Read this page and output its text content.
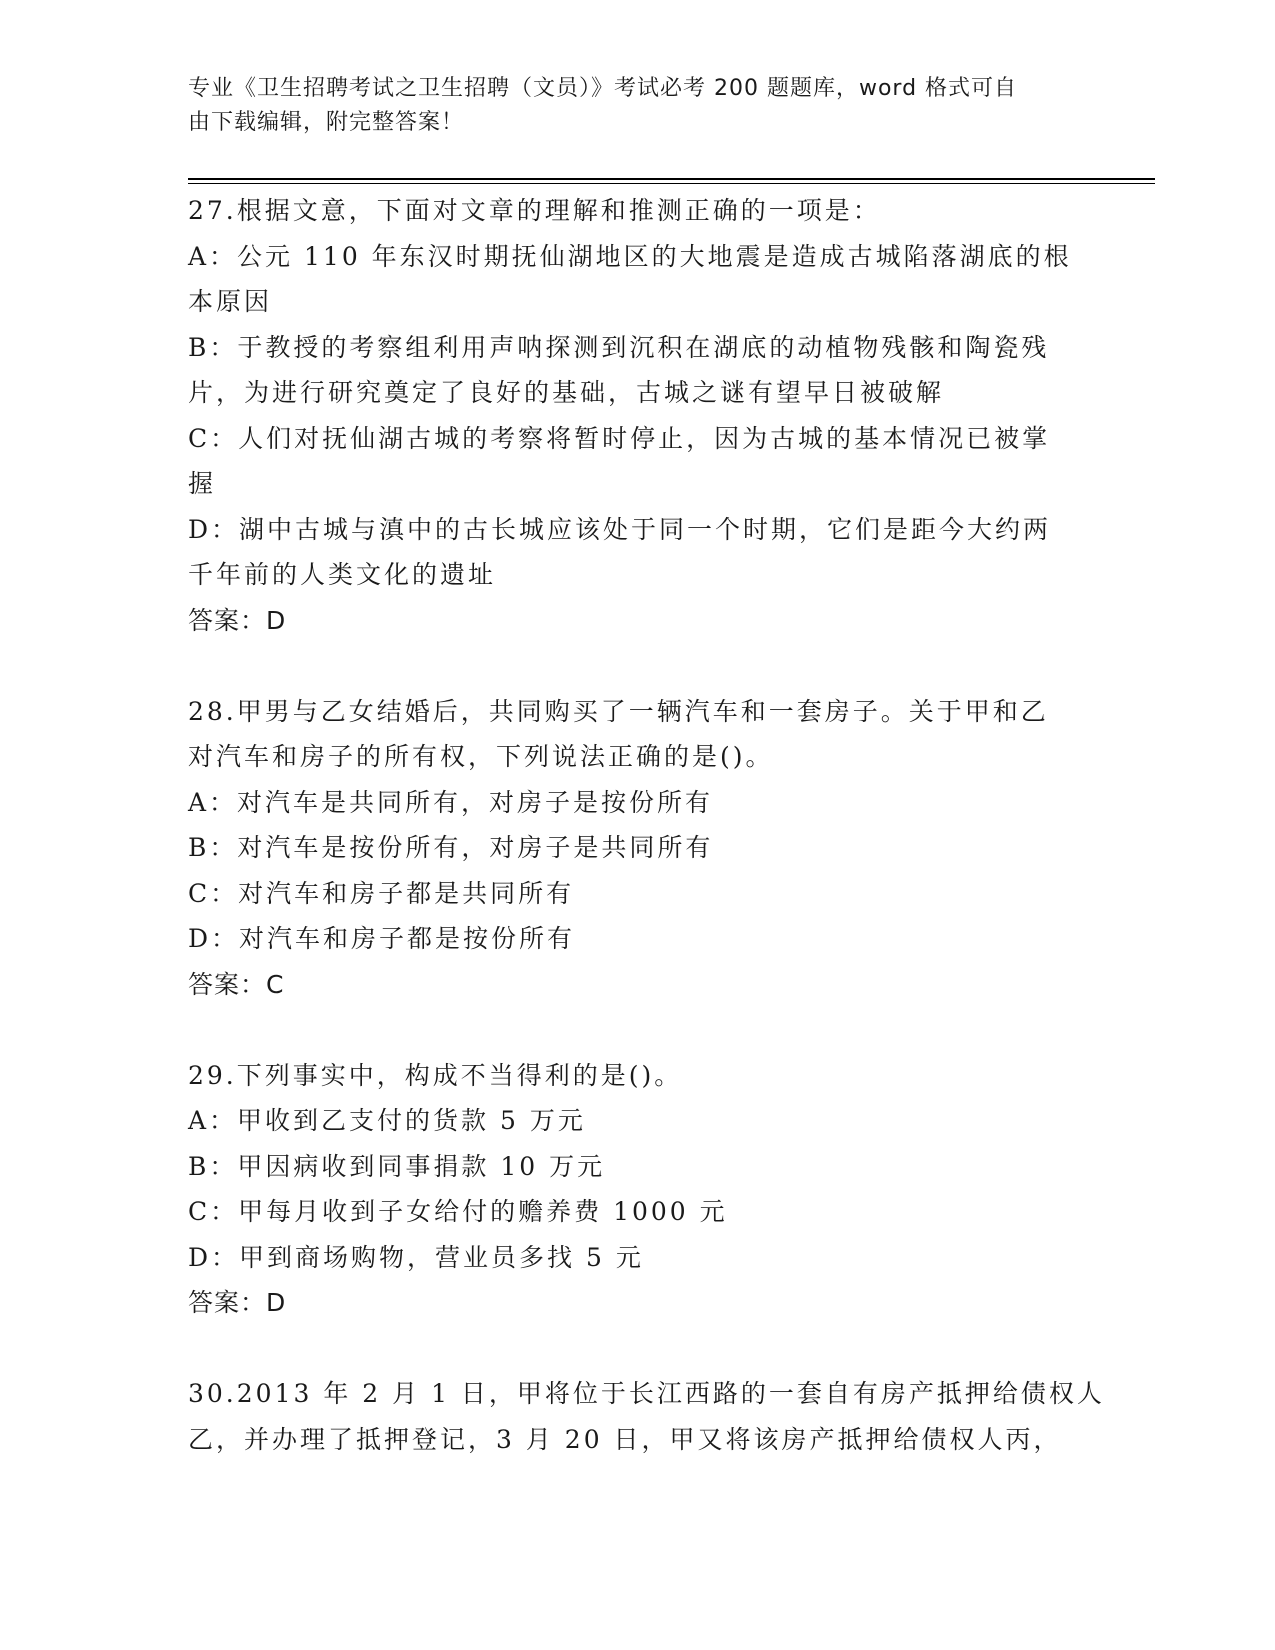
专业《卫生招聘考试之卫生招聘（文员）》考试必考 200 题题库，word 格式可自
由下载编辑，附完整答案！
27.根据文意，下面对文章的理解和推测正确的一项是：
A：公元 110 年东汉时期抚仙湖地区的大地震是造成古城陷落湖底的根
本原因
B：于教授的考察组利用声呐探测到沉积在湖底的动植物残骸和陶瓷残
片，为进行研究奠定了良好的基础，古城之谜有望早日被破解
C：人们对抚仙湖古城的考察将暂时停止，因为古城的基本情况已被掌
握
D：湖中古城与滇中的古长城应该处于同一个时期，它们是距今大约两
千年前的人类文化的遗址
答案：D
28.甲男与乙女结婚后，共同购买了一辆汽车和一套房子。关于甲和乙
对汽车和房子的所有权，下列说法正确的是()。
A：对汽车是共同所有，对房子是按份所有
B：对汽车是按份所有，对房子是共同所有
C：对汽车和房子都是共同所有
D：对汽车和房子都是按份所有
答案：C
29.下列事实中，构成不当得利的是()。
A：甲收到乙支付的货款 5 万元
B：甲因病收到同事捐款 10 万元
C：甲每月收到子女给付的赡养费 1000 元
D：甲到商场购物，营业员多找 5 元
答案：D
30.2013 年 2 月 1 日，甲将位于长江西路的一套自有房产抵押给债权人
乙，并办理了抵押登记，3 月 20 日，甲又将该房产抵押给债权人丙，
